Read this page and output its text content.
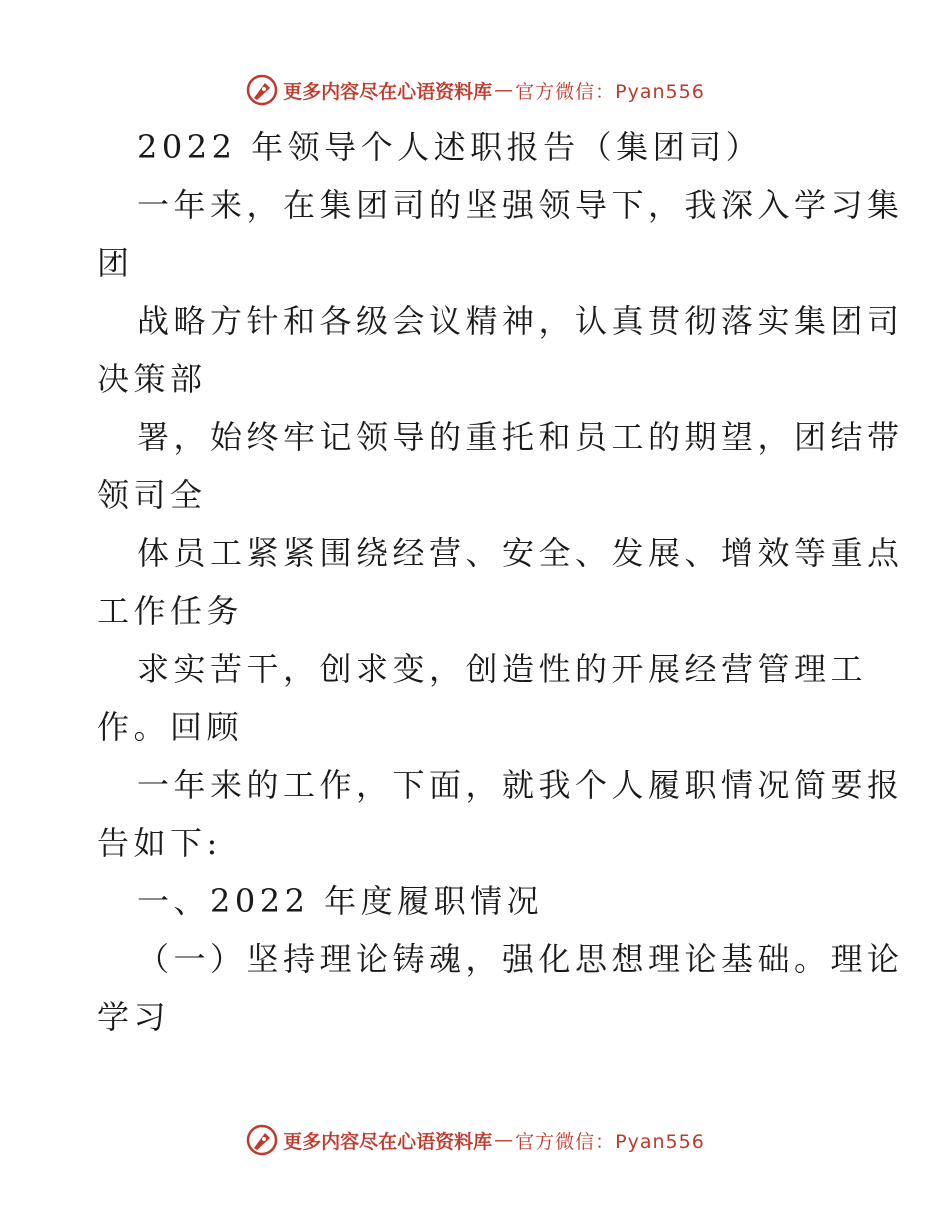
更多内容尽在心语资料库 — 官方微信：Pyan556
2022 年领导个人述职报告（集团司）
一年来，在集团司的坚强领导下，我深入学习集
团
战略方针和各级会议精神，认真贯彻落实集团司
决策部
署，始终牢记领导的重托和员工的期望，团结带
领司全
体员工紧紧围绕经营、安全、发展、增效等重点
工作任务
求实苦干，创求变，创造性的开展经营管理工
作。回顾
一年来的工作，下面，就我个人履职情况简要报
告如下:
一、2022 年度履职情况
（一）坚持理论铸魂，强化思想理论基础。理论
学习
更多内容尽在心语资料库 — 官方微信：Pyan556
